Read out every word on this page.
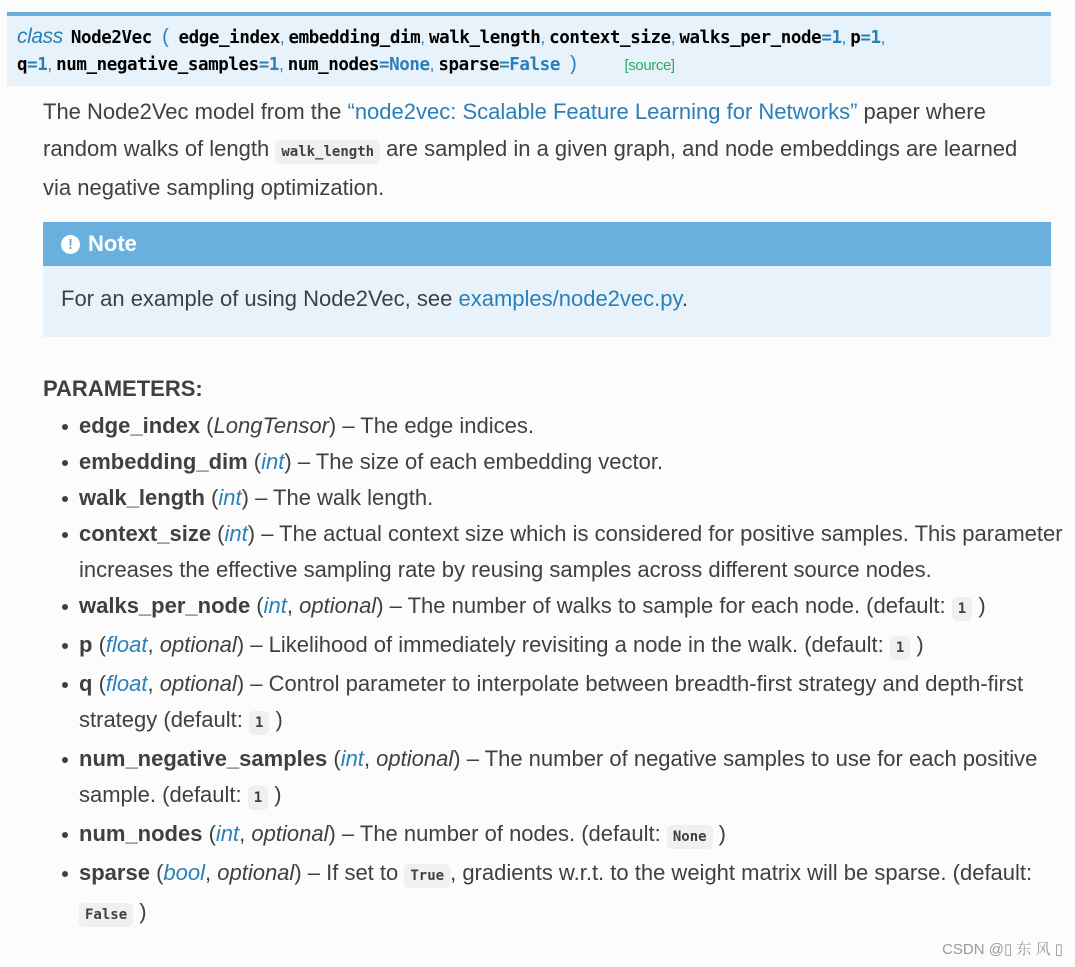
class Node2Vec ( edge_index, embedding_dim, walk_length, context_size, walks_per_node=1, p=1,
q=1, num_negative_samples=1, num_nodes=None, sparse=False )	[source]
The Node2Vec model from the “node2vec: Scalable Feature Learning for Networks” paper where random walks of length walk_length are sampled in a given graph, and node embeddings are learned via negative sampling optimization.
! Note
For an example of using Node2Vec, see examples/node2vec.py.
PARAMETERS:
edge_index (LongTensor) – The edge indices.
embedding_dim (int) – The size of each embedding vector.
walk_length (int) – The walk length.
context_size (int) – The actual context size which is considered for positive samples. This parameter increases the effective sampling rate by reusing samples across different source nodes.
walks_per_node (int, optional) – The number of walks to sample for each node. (default: 1 )
p (float, optional) – Likelihood of immediately revisiting a node in the walk. (default: 1 )
q (float, optional) – Control parameter to interpolate between breadth-first strategy and depth-first strategy (default: 1 )
num_negative_samples (int, optional) – The number of negative samples to use for each positive sample. (default: 1 )
num_nodes (int, optional) – The number of nodes. (default: None )
sparse (bool, optional) – If set to True , gradients w.r.t. to the weight matrix will be sparse. (default: False )
CSDN @▯ 东 风 ▯
